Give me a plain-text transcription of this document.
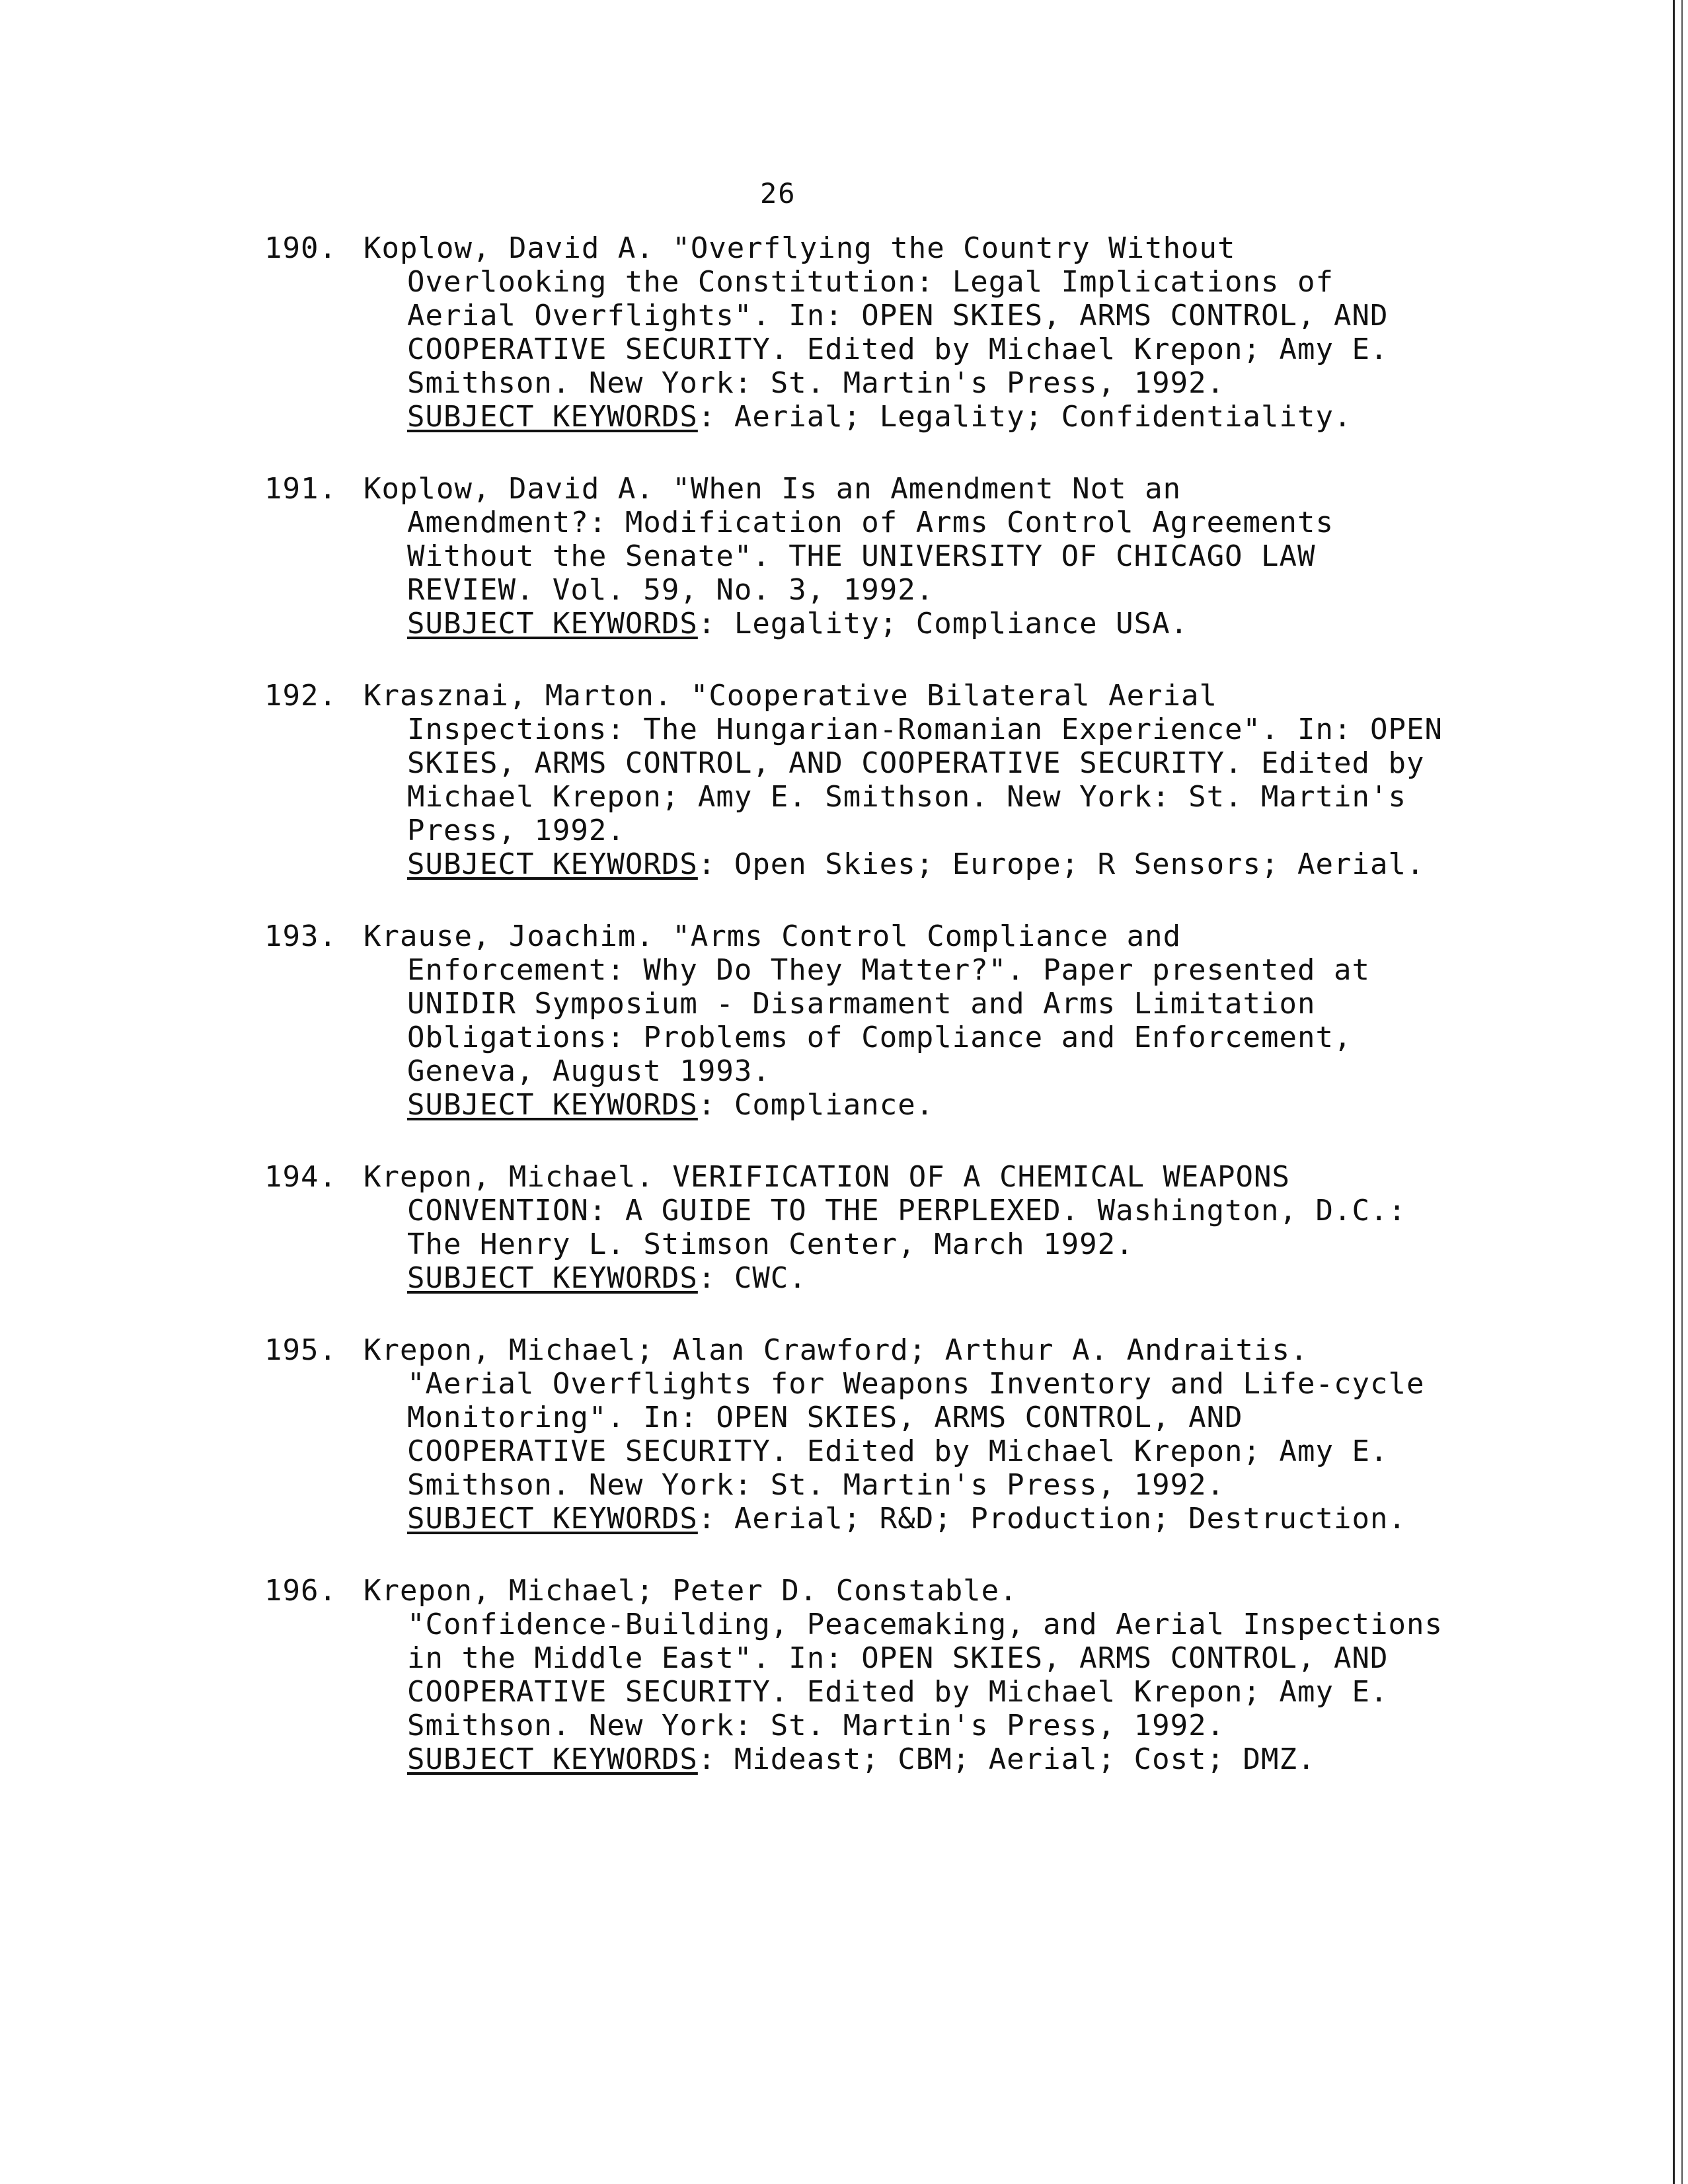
26
190. Koplow, David A. "Overflying the Country Without
Overlooking the Constitution: Legal Implications of Aerial Overflights". In: OPEN SKIES, ARMS CONTROL, AND COOPERATIVE SECURITY. Edited by Michael Krepon; Amy E. Smithson. New York: St. Martin's Press, 1992.
SUBJECT KEYWORDS: Aerial; Legality; Confidentiality.
191. Koplow, David A. "When Is an Amendment Not an
Amendment?: Modification of Arms Control Agreements Without the Senate". THE UNIVERSITY OF CHICAGO LAW REVIEW. Vol. 59, No. 3, 1992.
SUBJECT KEYWORDS: Legality; Compliance USA.
192. Krasznai, Marton. "Cooperative Bilateral Aerial
Inspections: The Hungarian-Romanian Experience". In: OPEN SKIES, ARMS CONTROL, AND COOPERATIVE SECURITY. Edited by Michael Krepon; Amy E. Smithson. New York: St. Martin's Press, 1992.
SUBJECT KEYWORDS: Open Skies; Europe; R Sensors; Aerial.
193. Krause, Joachim. "Arms Control Compliance and
Enforcement: Why Do They Matter?". Paper presented at UNIDIR Symposium - Disarmament and Arms Limitation Obligations: Problems of Compliance and Enforcement, Geneva, August 1993.
SUBJECT KEYWORDS: Compliance.
194. Krepon, Michael. VERIFICATION OF A CHEMICAL WEAPONS
CONVENTION: A GUIDE TO THE PERPLEXED. Washington, D.C.: The Henry L. Stimson Center, March 1992.
SUBJECT KEYWORDS: CWC.
195. Krepon, Michael; Alan Crawford; Arthur A. Andraitis.
"Aerial Overflights for Weapons Inventory and Life-cycle Monitoring". In: OPEN SKIES, ARMS CONTROL, AND COOPERATIVE SECURITY. Edited by Michael Krepon; Amy E. Smithson. New York: St. Martin's Press, 1992.
SUBJECT KEYWORDS: Aerial; R&D; Production; Destruction.
196. Krepon, Michael; Peter D. Constable.
"Confidence-Building, Peacemaking, and Aerial Inspections in the Middle East". In: OPEN SKIES, ARMS CONTROL, AND COOPERATIVE SECURITY. Edited by Michael Krepon; Amy E. Smithson. New York: St. Martin's Press, 1992.
SUBJECT KEYWORDS: Mideast; CBM; Aerial; Cost; DMZ.
